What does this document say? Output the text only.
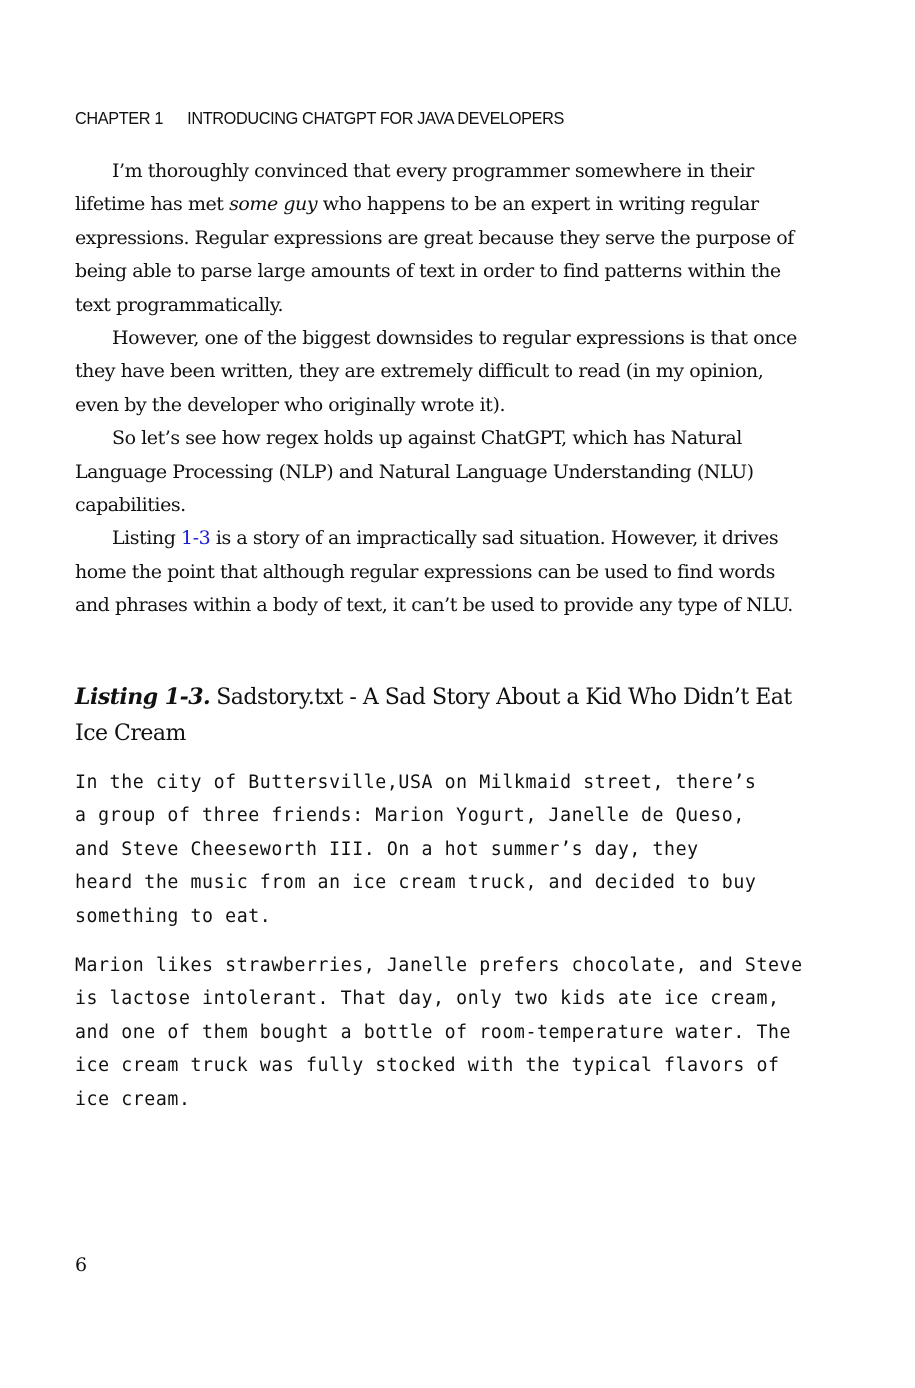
CHAPTER 1 INTRODUCING CHATGPT FOR JAVA DEVELOPERS

I’m thoroughly convinced that every programmer somewhere in their lifetime has met some guy who happens to be an expert in writing regular expressions. Regular expressions are great because they serve the purpose of being able to parse large amounts of text in order to find patterns within the text programmatically.

However, one of the biggest downsides to regular expressions is that once they have been written, they are extremely difficult to read (in my opinion, even by the developer who originally wrote it).

So let’s see how regex holds up against ChatGPT, which has Natural Language Processing (NLP) and Natural Language Understanding (NLU) capabilities.

Listing 1-3 is a story of an impractically sad situation. However, it drives home the point that although regular expressions can be used to find words and phrases within a body of text, it can’t be used to provide any type of NLU.

Listing 1-3. Sadstory.txt - A Sad Story About a Kid Who Didn’t Eat Ice Cream
In the city of Buttersville,USA on Milkmaid street, there’s
a group of three friends: Marion Yogurt, Janelle de Queso,
and Steve Cheeseworth III. On a hot summer’s day, they
heard the music from an ice cream truck, and decided to buy
something to eat.
Marion likes strawberries, Janelle prefers chocolate, and Steve
is lactose intolerant. That day, only two kids ate ice cream,
and one of them bought a bottle of room-temperature water. The
ice cream truck was fully stocked with the typical flavors of
ice cream.
6
